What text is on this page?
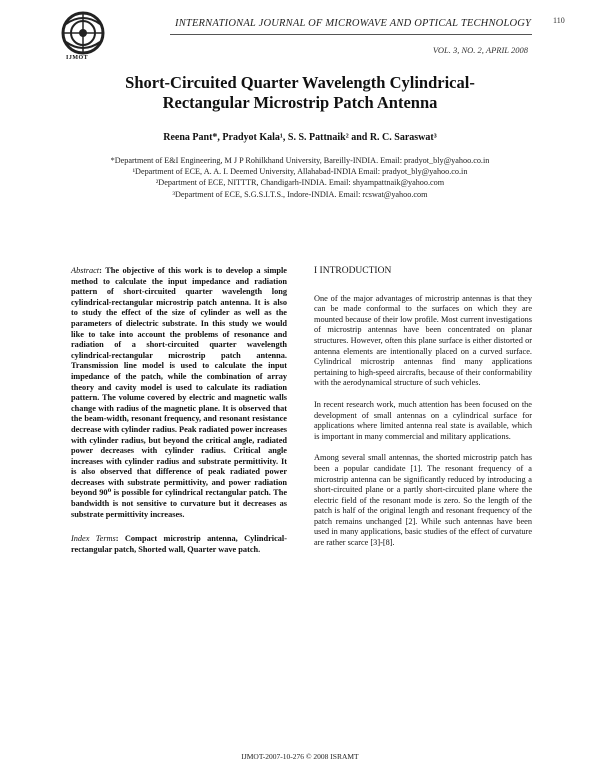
IJMOT
INTERNATIONAL JOURNAL OF MICROWAVE AND OPTICAL TECHNOLOGY	110
VOL. 3, NO. 2, APRIL 2008
Short-Circuited Quarter Wavelength Cylindrical-
Rectangular Microstrip Patch Antenna
Reena Pant*, Pradyot Kala¹, S. S. Pattnaik² and R. C. Saraswat³
*Department of E&I Engineering, M J P Rohilkhand University, Bareilly-INDIA. Email: pradyot_bly@yahoo.co.in
¹Department of ECE, A. A. I. Deemed University, Allahabad-INDIA Email: pradyot_bly@yahoo.co.in
²Department of ECE, NITTTR, Chandigarh-INDIA. Email: shyampattnaik@yahoo.com
³Department of ECE, S.G.S.I.T.S., Indore-INDIA. Email: rcswat@yahoo.com

Abstract: The objective of this work is to develop a simple method to calculate the input impedance and radiation pattern of short-circuited quarter wavelength long cylindrical-rectangular microstrip patch antenna. It is also to study the effect of the size of cylinder as well as the parameters of dielectric substrate. In this study we would like to take into account the problems of resonance and radiation of a short-circuited quarter wavelength cylindrical-rectangular microstrip patch antenna. Transmission line model is used to calculate the input impedance of the patch, while the combination of array theory and cavity model is used to calculate its radiation pattern. The volume covered by electric and magnetic walls change with radius of the magnetic plane. It is observed that the beam-width, resonant frequency, and resonant resistance decrease with cylinder radius. Peak radiated power increases with cylinder radius, but beyond the critical angle, radiated power decreases with cylinder radius. Critical angle increases with cylinder radius and substrate permittivity. It is also observed that difference of peak radiated power decreases with substrate permittivity, and power radiation beyond 90⁰ is possible for cylindrical rectangular patch. The bandwidth is not sensitive to curvature but it decreases as substrate permittivity increases.

Index Terms: Compact microstrip antenna, Cylindrical-rectangular patch, Shorted wall, Quarter wave patch.

I INTRODUCTION

One of the major advantages of microstrip antennas is that they can be made conformal to the surfaces on which they are mounted because of their low profile. Most current investigations of microstrip antennas have been concentrated on planar structures. However, often this plane surface is either distorted or antenna elements are intentionally placed on a curved surface. Cylindrical microstrip antennas find many applications pertaining to high-speed aircrafts, because of their conformability with the aerodynamical structure of such vehicles.

In recent research work, much attention has been focused on the development of small antennas on a cylindrical surface for applications where limited antenna real state is available, which is important in many commercial and military applications.

Among several small antennas, the shorted microstrip patch has been a popular candidate [1]. The resonant frequency of a microstrip antenna can be significantly reduced by introducing a short-circuited plane or a partly short-circuited plane where the electric field of the resonant mode is zero. So the length of the patch is half of the original length and resonant frequency of the patch remains unchanged [2]. While such antennas have been used in many applications, basic studies of the effect of curvature are rather scarce [3]-[8].

IJMOT-2007-10-276 © 2008 ISRAMT
